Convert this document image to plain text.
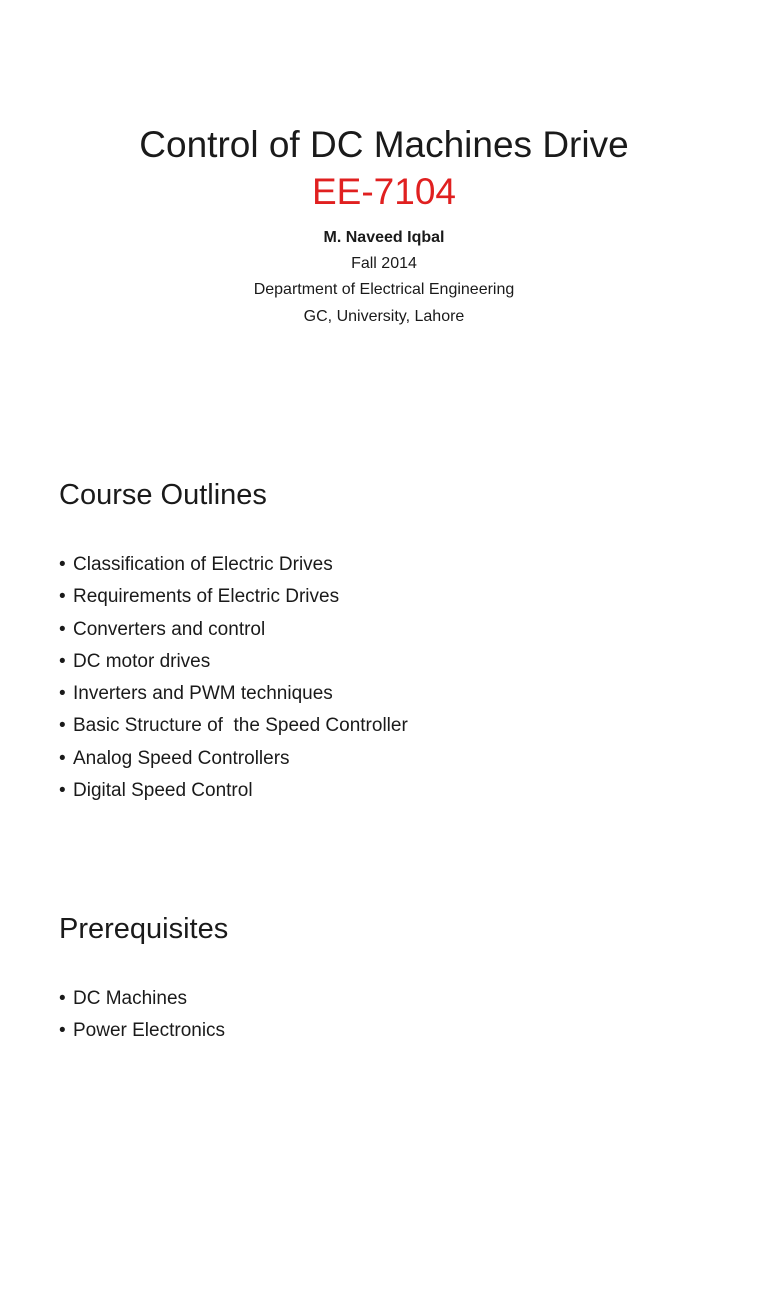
Control of DC Machines Drive
EE-7104
M. Naveed Iqbal
Fall 2014
Department of Electrical Engineering
GC, University, Lahore
Course Outlines
• Classification of Electric Drives
• Requirements of Electric Drives
• Converters and control
• DC motor drives
• Inverters and PWM techniques
• Basic Structure of  the Speed Controller
• Analog Speed Controllers
• Digital Speed Control
Prerequisites
• DC Machines
• Power Electronics
